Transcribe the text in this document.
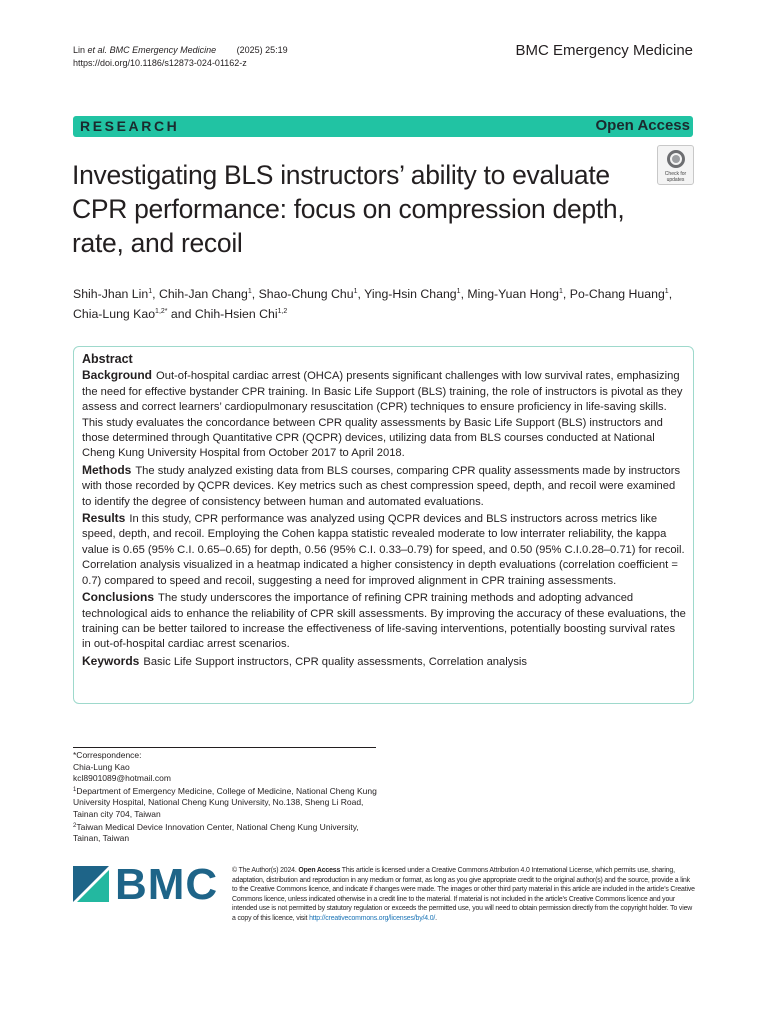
Lin et al. BMC Emergency Medicine (2025) 25:19
https://doi.org/10.1186/s12873-024-01162-z
BMC Emergency Medicine
RESEARCH	Open Access
Investigating BLS instructors’ ability to evaluate CPR performance: focus on compression depth, rate, and recoil
Check for
updates
Shih-Jhan Lin$^1$, Chih-Jan Chang$^1$, Shao-Chung Chu$^1$, Ying-Hsin Chang$^1$, Ming-Yuan Hong$^1$, Po-Chang Huang$^1$, Chia-Lung Kao$^{1,2*}$ and Chih-Hsien Chi$^{1,2}$
Abstract
Background Out-of-hospital cardiac arrest (OHCA) presents significant challenges with low survival rates, emphasizing the need for effective bystander CPR training. In Basic Life Support (BLS) training, the role of instructors is pivotal as they assess and correct learners’ cardiopulmonary resuscitation (CPR) techniques to ensure proficiency in life-saving skills. This study evaluates the concordance between CPR quality assessments by Basic Life Support (BLS) instructors and those determined through Quantitative CPR (QCPR) devices, utilizing data from BLS courses conducted at National Cheng Kung University Hospital from October 2017 to April 2018.
Methods The study analyzed existing data from BLS courses, comparing CPR quality assessments made by instructors with those recorded by QCPR devices. Key metrics such as chest compression speed, depth, and recoil were examined to identify the degree of consistency between human and automated evaluations.
Results In this study, CPR performance was analyzed using QCPR devices and BLS instructors across metrics like speed, depth, and recoil. Employing the Cohen kappa statistic revealed moderate to low interrater reliability, the kappa value is 0.65 (95% C.I. 0.65–0.65) for depth, 0.56 (95% C.I. 0.33–0.79) for speed, and 0.50 (95% C.I.0.28–0.71) for recoil. Correlation analysis visualized in a heatmap indicated a higher consistency in depth evaluations (correlation coefficient = 0.7) compared to speed and recoil, suggesting a need for improved alignment in CPR training assessments.
Conclusions The study underscores the importance of refining CPR training methods and adopting advanced technological aids to enhance the reliability of CPR skill assessments. By improving the accuracy of these evaluations, the training can be better tailored to increase the effectiveness of life-saving interventions, potentially boosting survival rates in out-of-hospital cardiac arrest scenarios.
Keywords Basic Life Support instructors, CPR quality assessments, Correlation analysis
*Correspondence:
Chia-Lung Kao
kcl8901089@hotmail.com
$^1$Department of Emergency Medicine, College of Medicine, National Cheng Kung University Hospital, National Cheng Kung University, No.138, Sheng Li Road, Tainan city 704, Taiwan
$^2$Taiwan Medical Device Innovation Center, National Cheng Kung University, Tainan, Taiwan
BMC © The Author(s) 2024. Open Access This article is licensed under a Creative Commons Attribution 4.0 International License, which permits use, sharing, adaptation, distribution and reproduction in any medium or format, as long as you give appropriate credit to the original author(s) and the source, provide a link to the Creative Commons licence, and indicate if changes were made. The images or other third party material in this article are included in the article’s Creative Commons licence, unless indicated otherwise in a credit line to the material. If material is not included in the article’s Creative Commons licence and your intended use is not permitted by statutory regulation or exceeds the permitted use, you will need to obtain permission directly from the copyright holder. To view a copy of this licence, visit http://creativecommons.org/licenses/by/4.0/.
